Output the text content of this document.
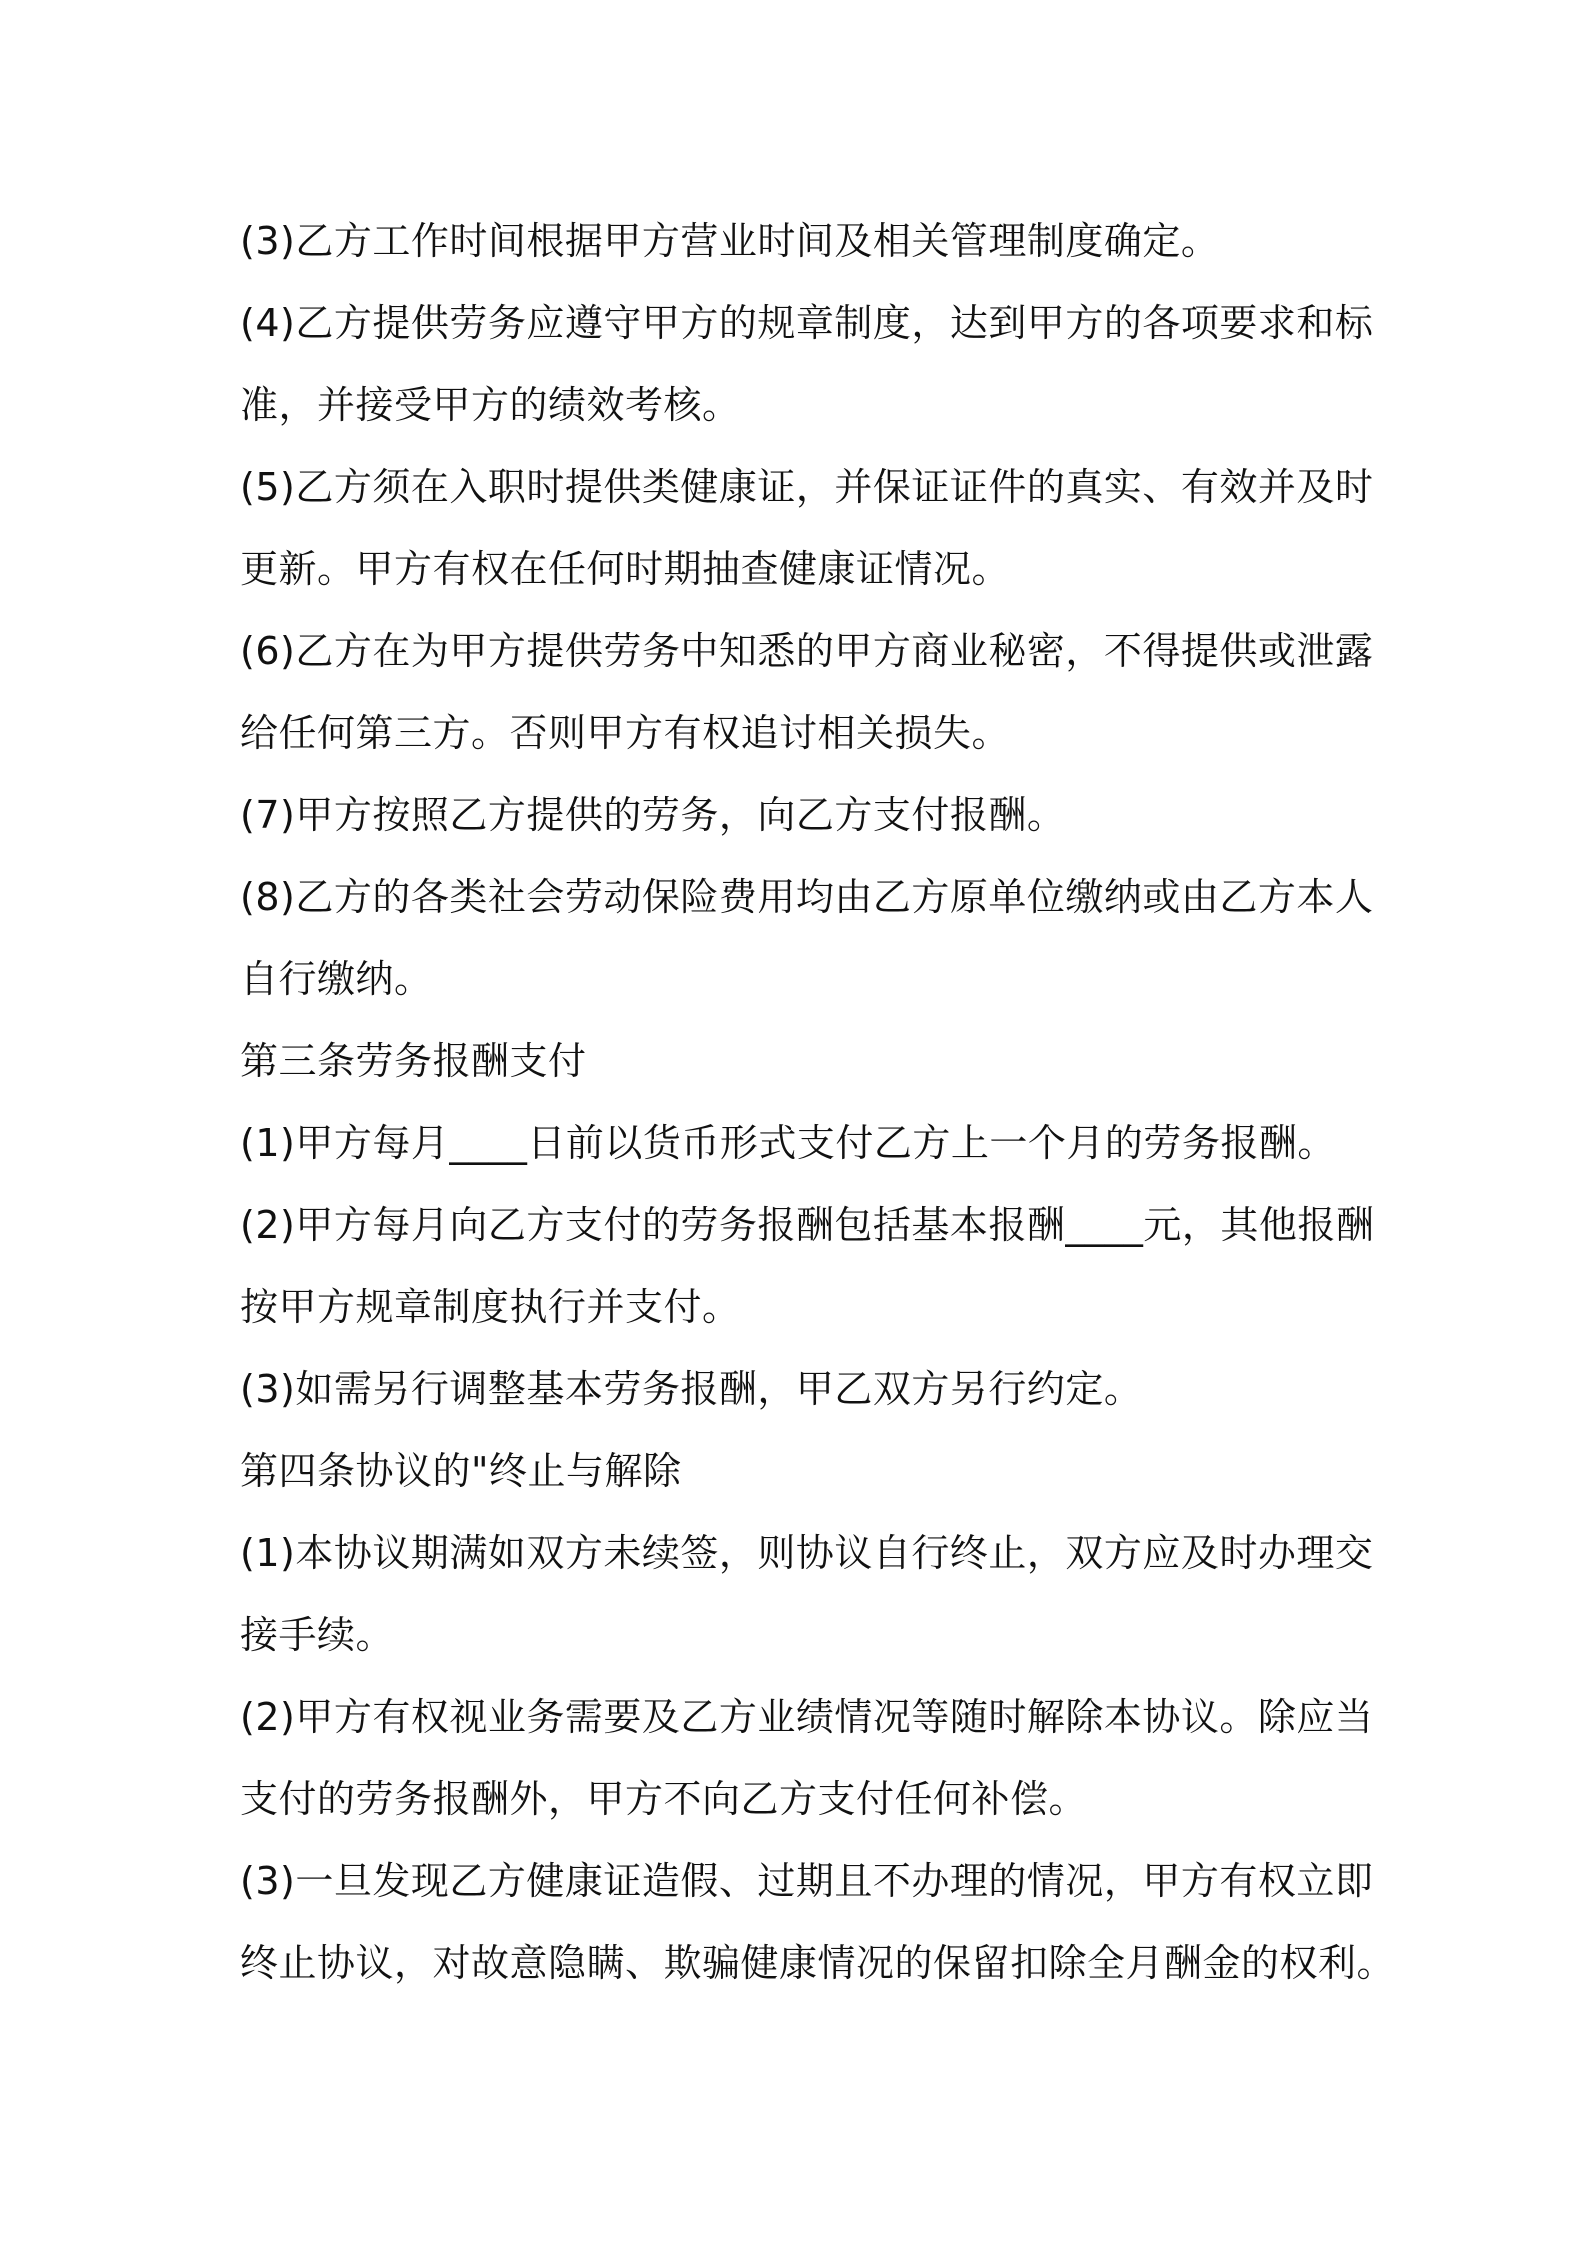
(3)乙方工作时间根据甲方营业时间及相关管理制度确定。
(4)乙方提供劳务应遵守甲方的规章制度，达到甲方的各项要求和标
准，并接受甲方的绩效考核。
(5)乙方须在入职时提供类健康证，并保证证件的真实、有效并及时
更新。甲方有权在任何时期抽查健康证情况。
(6)乙方在为甲方提供劳务中知悉的甲方商业秘密，不得提供或泄露
给任何第三方。否则甲方有权追讨相关损失。
(7)甲方按照乙方提供的劳务，向乙方支付报酬。
(8)乙方的各类社会劳动保险费用均由乙方原单位缴纳或由乙方本人
自行缴纳。
第三条劳务报酬支付
(1)甲方每月____日前以货币形式支付乙方上一个月的劳务报酬。
(2)甲方每月向乙方支付的劳务报酬包括基本报酬____元，其他报酬
按甲方规章制度执行并支付。
(3)如需另行调整基本劳务报酬，甲乙双方另行约定。
第四条协议的"终止与解除
(1)本协议期满如双方未续签，则协议自行终止，双方应及时办理交
接手续。
(2)甲方有权视业务需要及乙方业绩情况等随时解除本协议。除应当
支付的劳务报酬外，甲方不向乙方支付任何补偿。
(3)一旦发现乙方健康证造假、过期且不办理的情况，甲方有权立即
终止协议，对故意隐瞒、欺骗健康情况的保留扣除全月酬金的权利。
